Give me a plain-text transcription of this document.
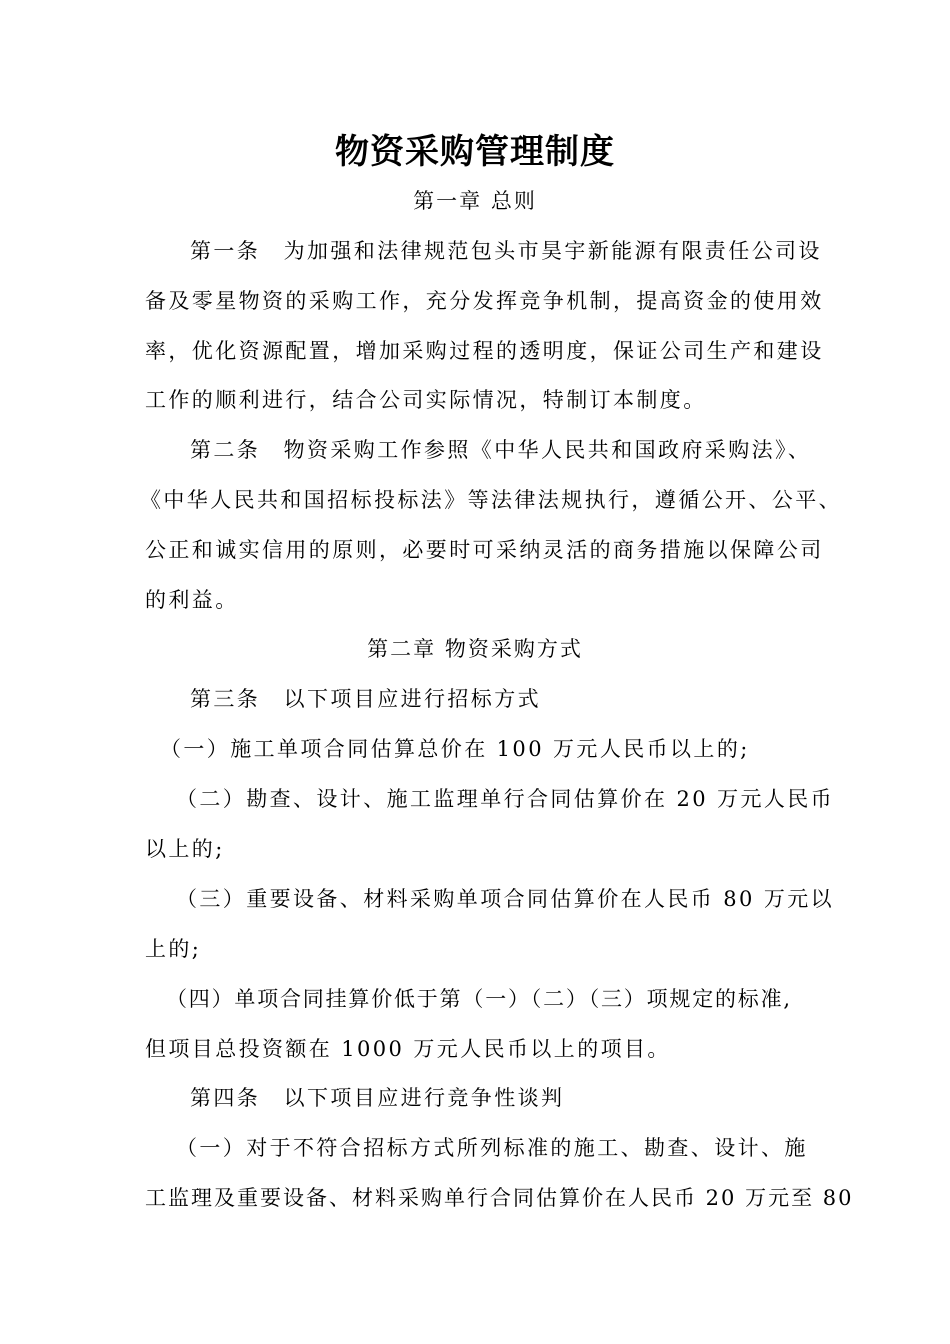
物资采购管理制度
第一章 总则
第一条　为加强和法律规范包头市昊宇新能源有限责任公司设
备及零星物资的采购工作，充分发挥竞争机制，提高资金的使用效
率，优化资源配置，增加采购过程的透明度，保证公司生产和建设
工作的顺利进行，结合公司实际情况，特制订本制度。
第二条　物资采购工作参照《中华人民共和国政府采购法》、
《中华人民共和国招标投标法》等法律法规执行，遵循公开、公平、
公正和诚实信用的原则，必要时可采纳灵活的商务措施以保障公司
的利益。
第二章 物资采购方式
第三条　以下项目应进行招标方式
（一）施工单项合同估算总价在 100 万元人民币以上的;
（二）勘查、设计、施工监理单行合同估算价在 20 万元人民币
以上的;
（三）重要设备、材料采购单项合同估算价在人民币 80 万元以
上的;
（四）单项合同挂算价低于第（一）（二）（三）项规定的标准,
但项目总投资额在 1000 万元人民币以上的项目。
第四条　以下项目应进行竞争性谈判
（一）对于不符合招标方式所列标准的施工、勘查、设计、施
工监理及重要设备、材料采购单行合同估算价在人民币 20 万元至 80
